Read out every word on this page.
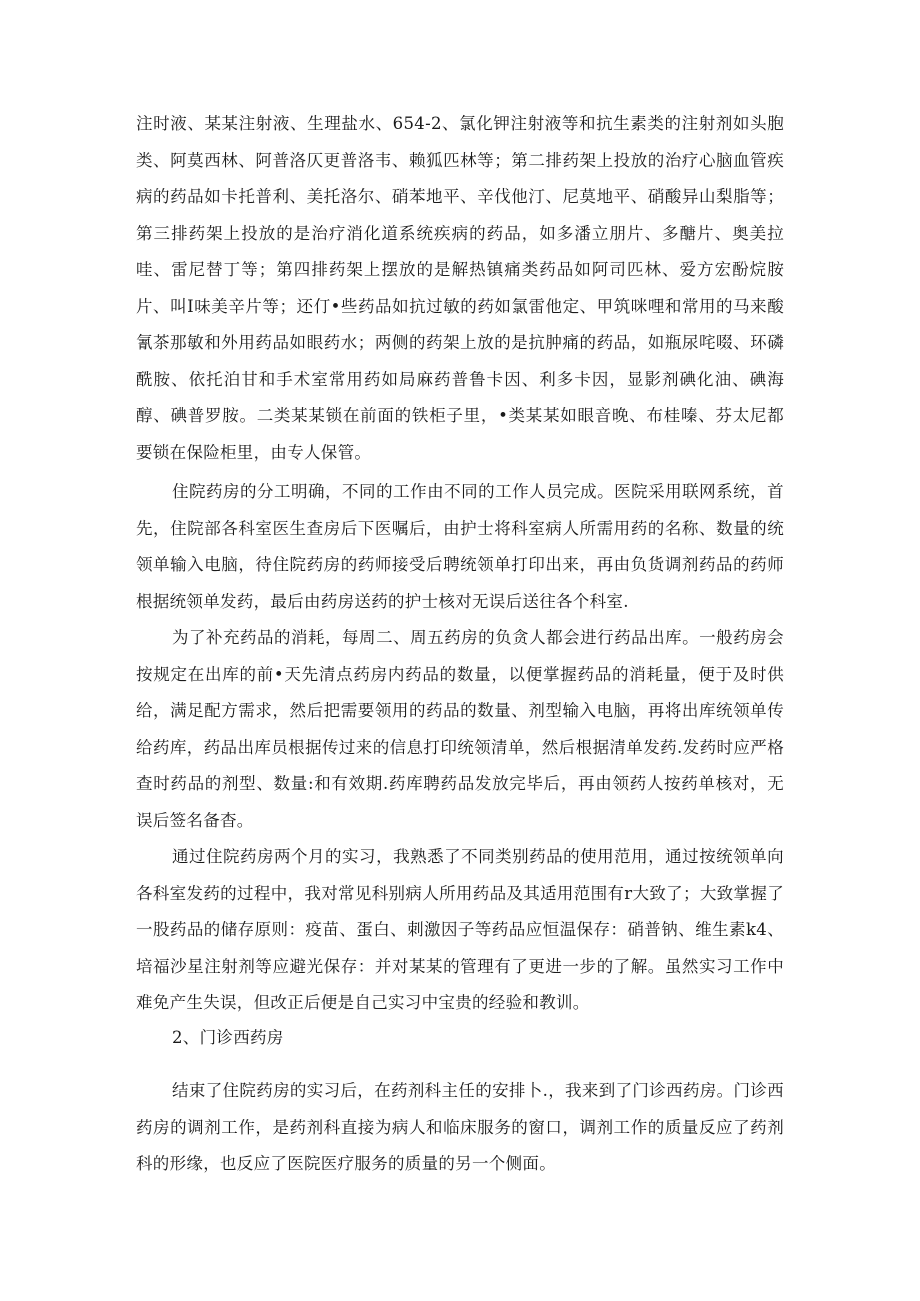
注时液、某某注射液、生理盐水、654-2、氯化钾注射液等和抗生素类的注射剂如头胞类、阿莫西林、阿普洛仄更普洛韦、赖狐匹林等；第二排药架上投放的治疗心脑血管疾病的药品如卡托普利、美托洛尔、硝苯地平、辛伐他汀、尼莫地平、硝酸异山梨脂等；第三排药架上投放的是治疗消化道系统疾病的药品，如多潘立朋片、多醣片、奥美拉哇、雷尼替丁等；第四排药架上摆放的是解热镇痛类药品如阿司匹林、爱方宏酚烷胺片、叫I味美辛片等；还仃•些药品如抗过敏的药如氯雷他定、甲筑咪哩和常用的马来酸氰茶那敏和外用药品如眼药水；两侧的药架上放的是抗肿痛的药品，如瓶尿咤啜、环磷酰胺、依托泊甘和手术室常用药如局麻药普鲁卡因、利多卡因，显影剂碘化油、碘海醇、碘普罗胺。二类某某锁在前面的铁柜子里，•类某某如眼音晚、布桂嗪、芬太尼都要锁在保险柜里，由专人保管。

住院药房的分工明确，不同的工作由不同的工作人员完成。医院采用联网系统，首先，住院部各科室医生查房后下医嘱后，由护士将科室病人所需用药的名称、数量的统领单输入电脑，待住院药房的药师接受后聘统领单打印出来，再由负货调剂药品的药师根据统领单发药，最后由药房送药的护士核对无误后送往各个科室.

为了补充药品的消耗，每周二、周五药房的负贪人都会进行药品出库。一般药房会按规定在出库的前•天先清点药房内药品的数量，以便掌握药品的消耗量，便于及时供给，满足配方需求，然后把需要领用的药品的数量、剂型输入电脑，再将出库统领单传给药库，药品出库员根据传过来的信息打印统领清单，然后根据清单发药.发药时应严格查时药品的剂型、数量:和有效期.药库聘药品发放完毕后，再由领药人按药单核对，无误后签名备杳。

通过住院药房两个月的实习，我熟悉了不同类别药品的使用范用，通过按统领单向各科室发药的过程中，我对常见科别病人所用药品及其适用范围有r大致了；大致掌握了一股药品的储存原则：疫苗、蛋白、刺激因子等药品应恒温保存：硝普钠、维生素k4、培福沙星注射剂等应避光保存：并对某某的管理有了更进一步的了解。虽然实习工作中难免产生失误，但改正后便是自己实习中宝贵的经验和教训。

2、门诊西药房

结束了住院药房的实习后，在药剂科主任的安排卜.，我来到了门诊西药房。门诊西药房的调剂工作，是药剂科直接为病人和临床服务的窗口，调剂工作的质量反应了药剂科的形缘，也反应了医院医疗服务的质量的另一个侧面。
